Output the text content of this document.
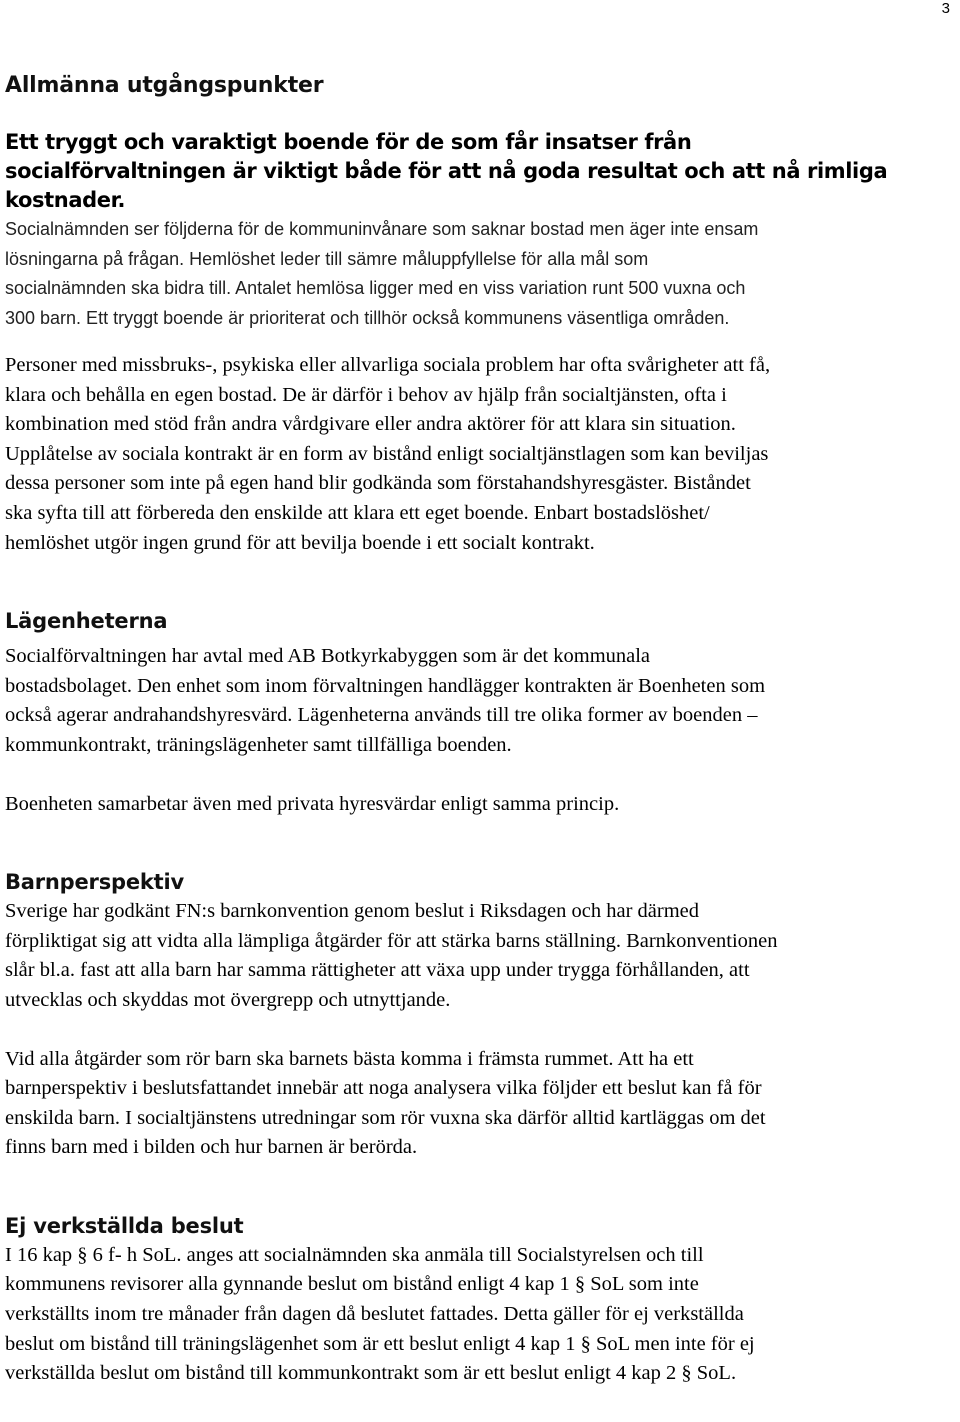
3
Allmänna utgångspunkter

Ett tryggt och varaktigt boende för de som får insatser från
socialförvaltningen är viktigt både för att nå goda resultat och att nå rimliga
kostnader.

Socialnämnden ser följderna för de kommuninvånare som saknar bostad men äger inte ensam
lösningarna på frågan. Hemlöshet leder till sämre måluppfyllelse för alla mål som
socialnämnden ska bidra till. Antalet hemlösa ligger med en viss variation runt 500 vuxna och
300 barn. Ett tryggt boende är prioriterat och tillhör också kommunens väsentliga områden.

Personer med missbruks-, psykiska eller allvarliga sociala problem har ofta svårigheter att få,
klara och behålla en egen bostad. De är därför i behov av hjälp från socialtjänsten, ofta i
kombination med stöd från andra vårdgivare eller andra aktörer för att klara sin situation.
Upplåtelse av sociala kontrakt är en form av bistånd enligt socialtjänstlagen som kan beviljas
dessa personer som inte på egen hand blir godkända som förstahandshyresgäster. Biståndet
ska syfta till att förbereda den enskilde att klara ett eget boende. Enbart bostadslöshet/
hemlöshet utgör ingen grund för att bevilja boende i ett socialt kontrakt.

Lägenheterna

Socialförvaltningen har avtal med AB Botkyrkabyggen som är det kommunala
bostadsbolaget. Den enhet som inom förvaltningen handlägger kontrakten är Boenheten som
också agerar andrahandshyresvärd. Lägenheterna används till tre olika former av boenden –
kommunkontrakt, träningslägenheter samt tillfälliga boenden.

Boenheten samarbetar även med privata hyresvärdar enligt samma princip.

Barnperspektiv

Sverige har godkänt FN:s barnkonvention genom beslut i Riksdagen och har därmed
förpliktigat sig att vidta alla lämpliga åtgärder för att stärka barns ställning. Barnkonventionen
slår bl.a. fast att alla barn har samma rättigheter att växa upp under trygga förhållanden, att
utvecklas och skyddas mot övergrepp och utnyttjande.

Vid alla åtgärder som rör barn ska barnets bästa komma i främsta rummet. Att ha ett
barnperspektiv i beslutsfattandet innebär att noga analysera vilka följder ett beslut kan få för
enskilda barn. I socialtjänstens utredningar som rör vuxna ska därför alltid kartläggas om det
finns barn med i bilden och hur barnen är berörda.

Ej verkställda beslut

I 16 kap § 6 f- h SoL. anges att socialnämnden ska anmäla till Socialstyrelsen och till
kommunens revisorer alla gynnande beslut om bistånd enligt 4 kap 1 § SoL som inte
verkställts inom tre månader från dagen då beslutet fattades. Detta gäller för ej verkställda
beslut om bistånd till träningslägenhet som är ett beslut enligt 4 kap 1 § SoL men inte för ej
verkställda beslut om bistånd till kommunkontrakt som är ett beslut enligt 4 kap 2 § SoL.
